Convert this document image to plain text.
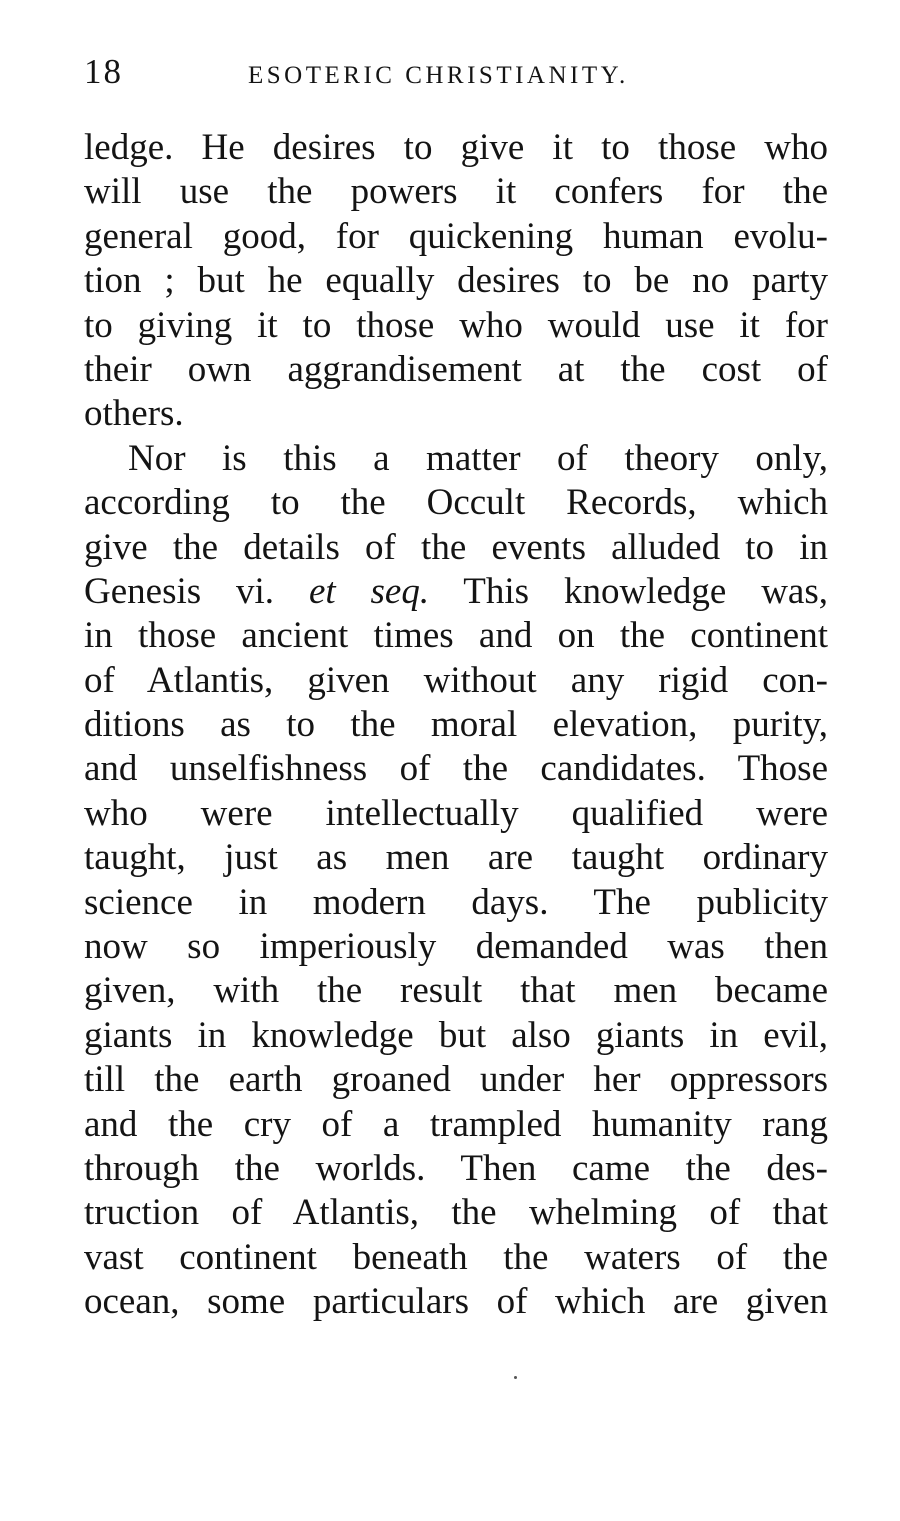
18	ESOTERIC CHRISTIANITY.
ledge. He desires to give it to those who
will use the powers it confers for the
general good, for quickening human evolu-
tion ; but he equally desires to be no party
to giving it to those who would use it for
their own aggrandisement at the cost of
others.
Nor is this a matter of theory only,
according to the Occult Records, which
give the details of the events alluded to in
Genesis vi. et seq. This knowledge was,
in those ancient times and on the continent
of Atlantis, given without any rigid con-
ditions as to the moral elevation, purity,
and unselfishness of the candidates. Those
who were intellectually qualified were
taught, just as men are taught ordinary
science in modern days. The publicity
now so imperiously demanded was then
given, with the result that men became
giants in knowledge but also giants in evil,
till the earth groaned under her oppressors
and the cry of a trampled humanity rang
through the worlds. Then came the des-
truction of Atlantis, the whelming of that
vast continent beneath the waters of the
ocean, some particulars of which are given
